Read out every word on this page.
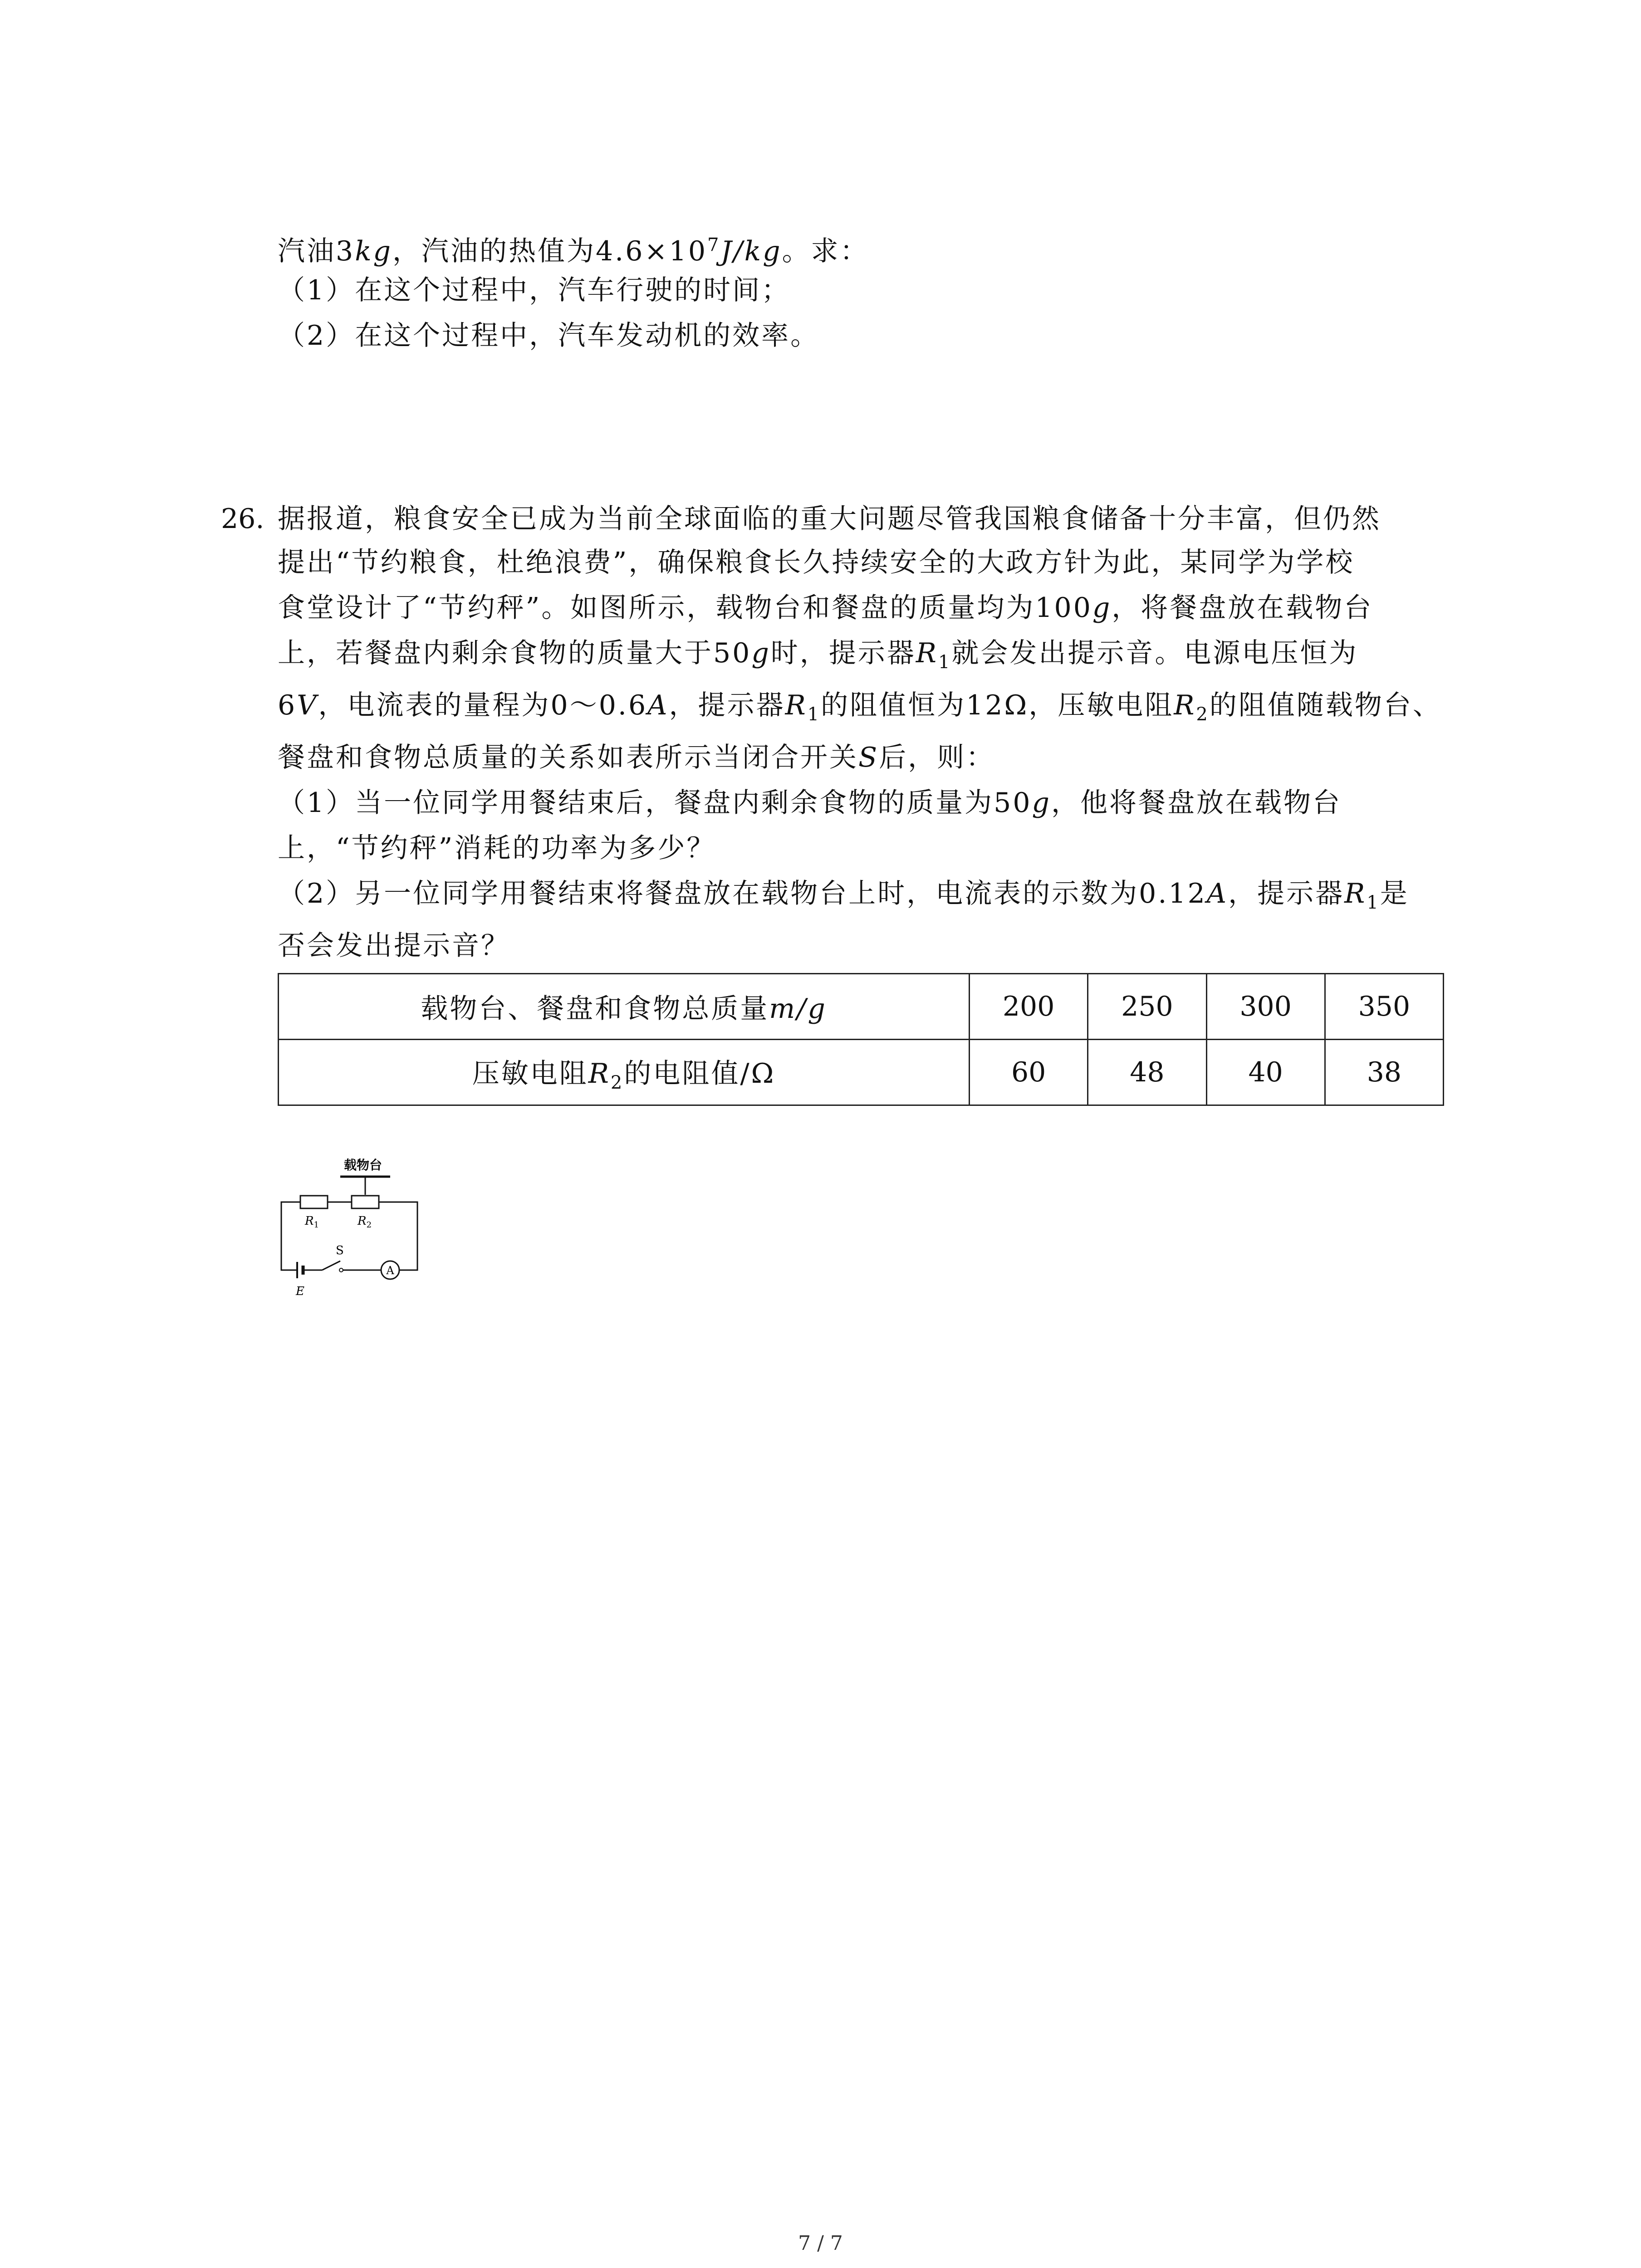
汽油3kg，汽油的热值为$4.6\times 10^7J/kg$。求：
（1）在这个过程中，汽车行驶的时间；
（2）在这个过程中，汽车发动机的效率。
26. 据报道，粮食安全已成为当前全球面临的重大问题尽管我国粮食储备十分丰富，但仍然
提出“节约粮食，杜绝浪费”，确保粮食长久持续安全的大政方针为此，某同学为学校
食堂设计了“节约秤”。如图所示，载物台和餐盘的质量均为100g，将餐盘放在载物台
上，若餐盘内剩余食物的质量大于50g时，提示器$R_1$就会发出提示音。电源电压恒为
6V，电流表的量程为0～0.6A，提示器$R_1$的阻值恒为12Ω，压敏电阻$R_2$的阻值随载物台、
餐盘和食物总质量的关系如表所示当闭合开关S后，则：
（1）当一位同学用餐结束后，餐盘内剩余食物的质量为50g，他将餐盘放在载物台
上，“节约秤”消耗的功率为多少？
（2）另一位同学用餐结束将餐盘放在载物台上时，电流表的示数为0.12A，提示器$R_1$是
否会发出提示音？
载物台、餐盘和食物总质量m/g	200	250	300	350
压敏电阻$R_2$的电阻值/Ω	60	48	40	38
载物台
$R_1$	$R_2$
S
A
E
7 / 7
